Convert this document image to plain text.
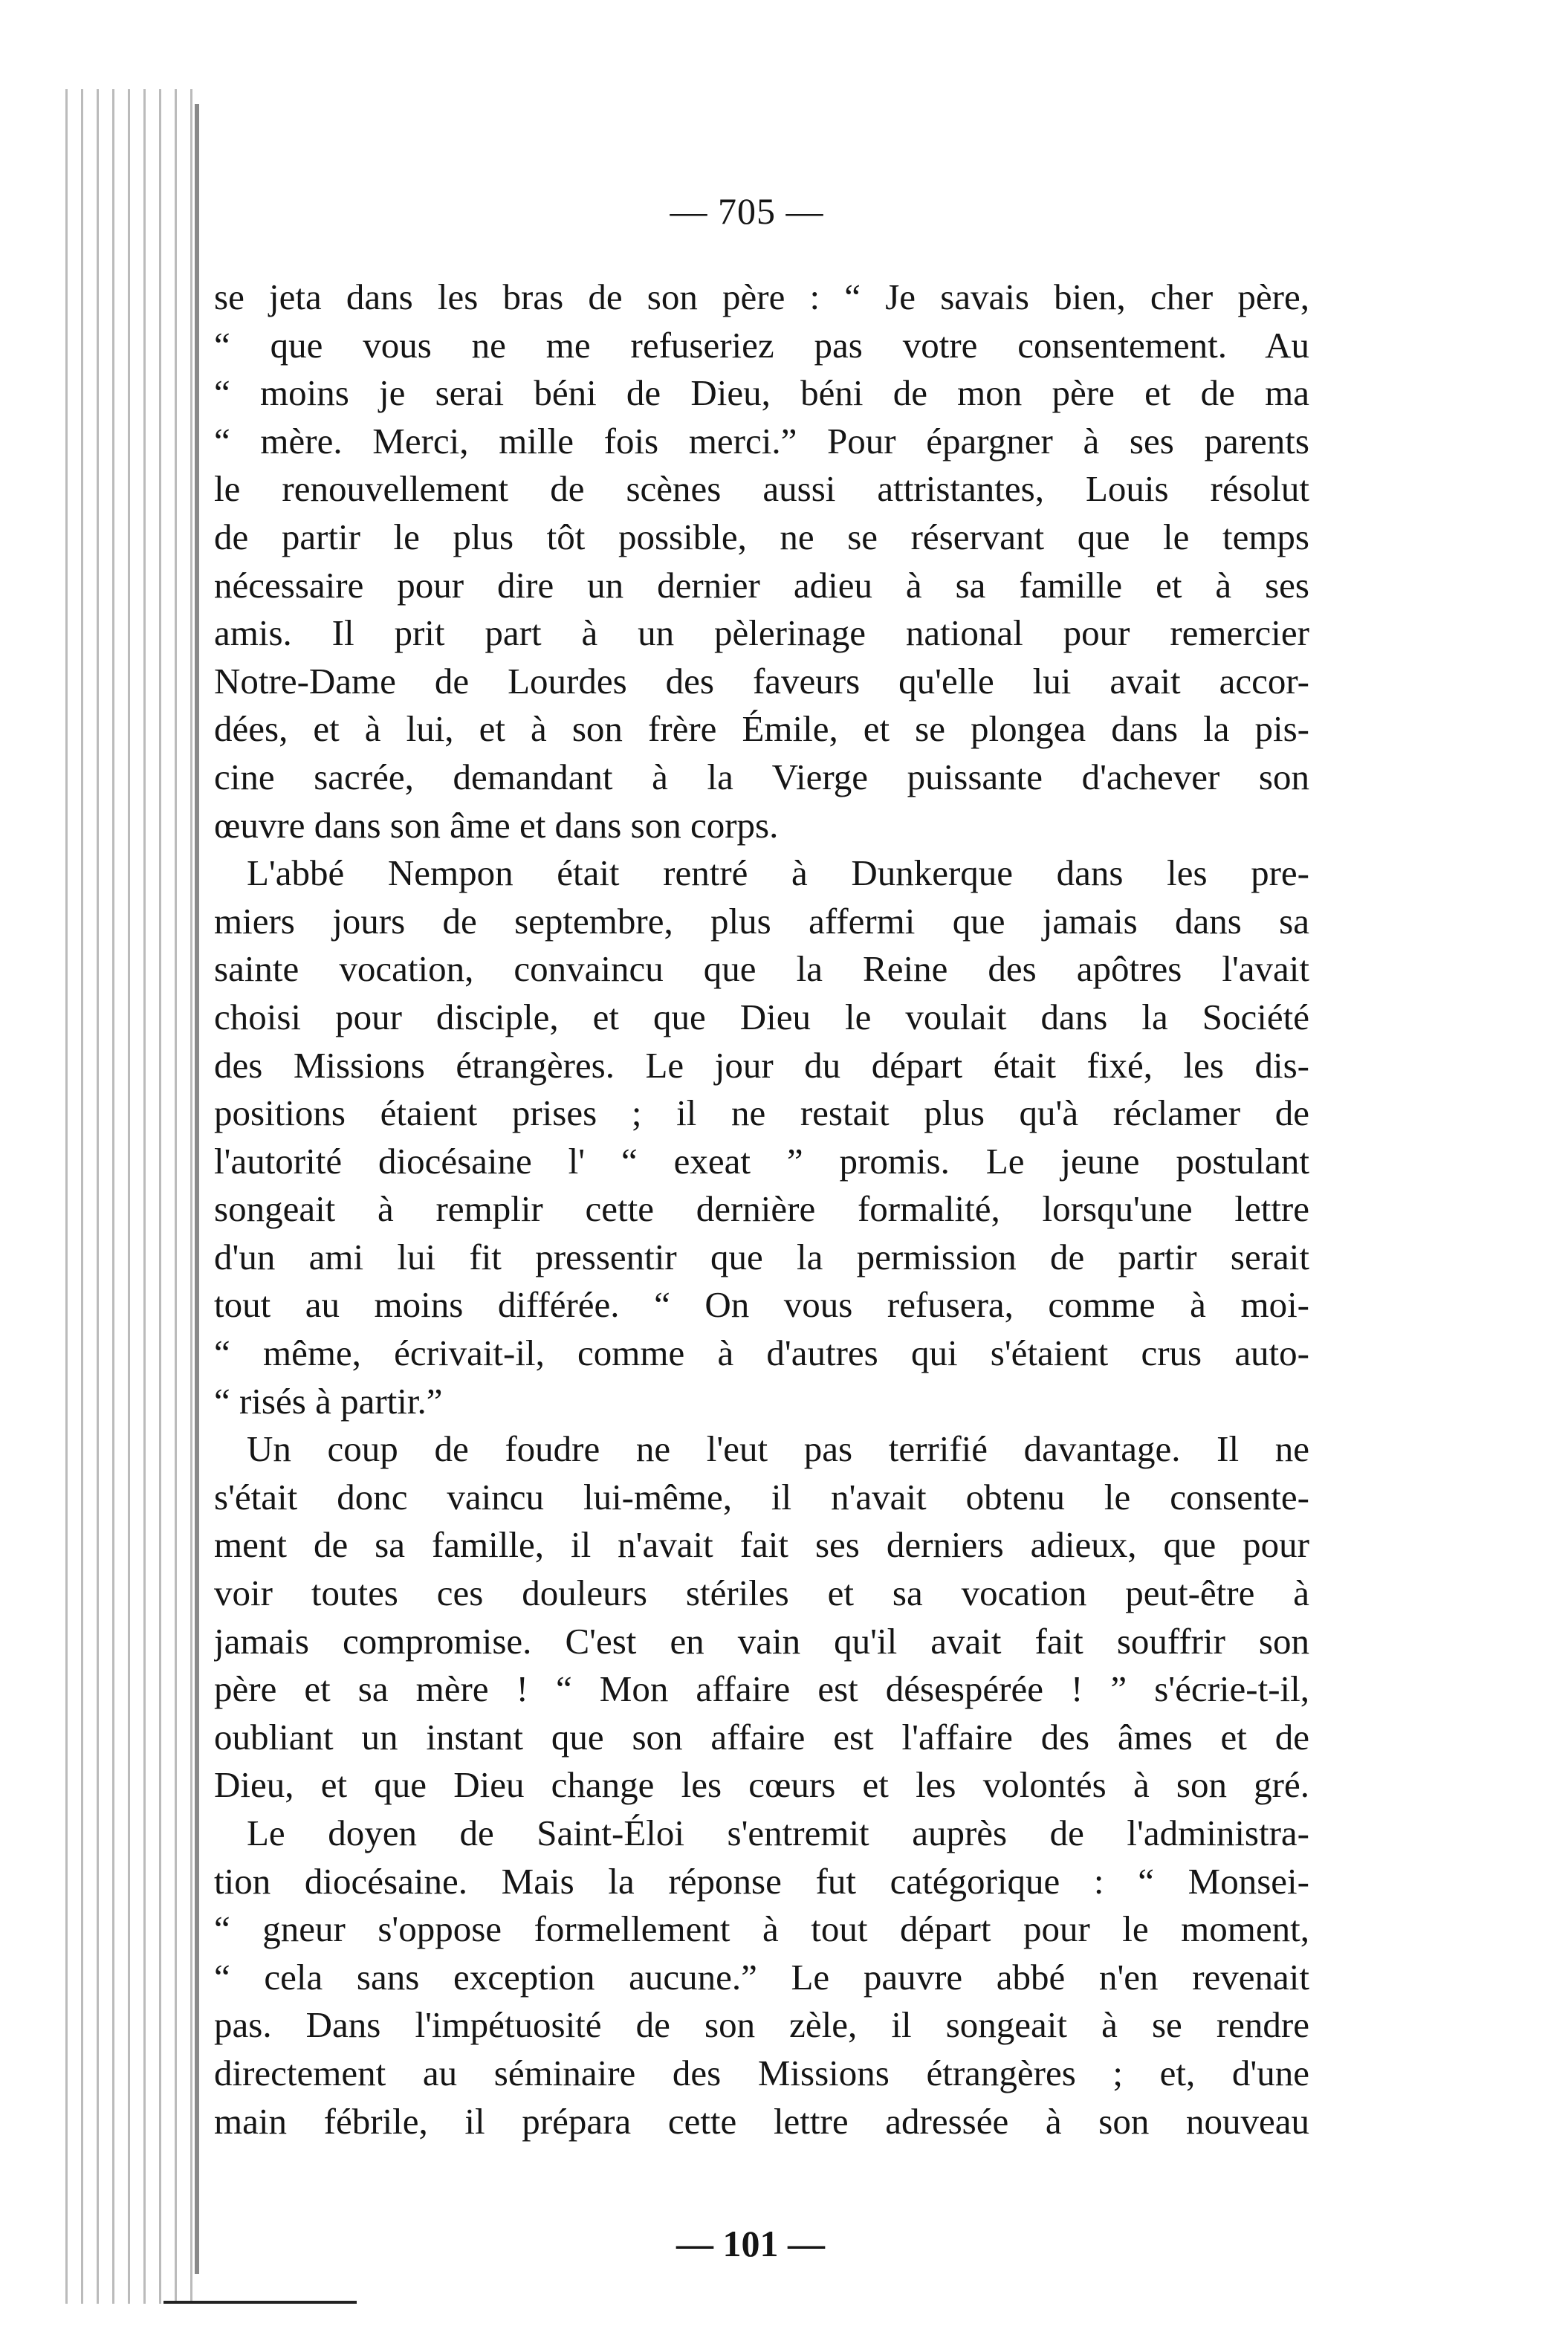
— 705 —
se jeta dans les bras de son père : “ Je savais bien, cher père,
“ que vous ne me refuseriez pas votre consentement. Au
“ moins je serai béni de Dieu, béni de mon père et de ma
“ mère. Merci, mille fois merci.” Pour épargner à ses parents
le renouvellement de scènes aussi attristantes, Louis résolut
de partir le plus tôt possible, ne se réservant que le temps
nécessaire pour dire un dernier adieu à sa famille et à ses
amis. Il prit part à un pèlerinage national pour remercier
Notre-Dame de Lourdes des faveurs qu'elle lui avait accor-
dées, et à lui, et à son frère Émile, et se plongea dans la pis-
cine sacrée, demandant à la Vierge puissante d'achever son
œuvre dans son âme et dans son corps.
L'abbé Nempon était rentré à Dunkerque dans les pre-
miers jours de septembre, plus affermi que jamais dans sa
sainte vocation, convaincu que la Reine des apôtres l'avait
choisi pour disciple, et que Dieu le voulait dans la Société
des Missions étrangères. Le jour du départ était fixé, les dis-
positions étaient prises ; il ne restait plus qu'à réclamer de
l'autorité diocésaine l' “ exeat ” promis. Le jeune postulant
songeait à remplir cette dernière formalité, lorsqu'une lettre
d'un ami lui fit pressentir que la permission de partir serait
tout au moins différée. “ On vous refusera, comme à moi-
“ même, écrivait-il, comme à d'autres qui s'étaient crus auto-
“ risés à partir.”
Un coup de foudre ne l'eut pas terrifié davantage. Il ne
s'était donc vaincu lui-même, il n'avait obtenu le consente-
ment de sa famille, il n'avait fait ses derniers adieux, que pour
voir toutes ces douleurs stériles et sa vocation peut-être à
jamais compromise. C'est en vain qu'il avait fait souffrir son
père et sa mère ! “ Mon affaire est désespérée ! ” s'écrie-t-il,
oubliant un instant que son affaire est l'affaire des âmes et de
Dieu, et que Dieu change les cœurs et les volontés à son gré.
Le doyen de Saint-Éloi s'entremit auprès de l'administra-
tion diocésaine. Mais la réponse fut catégorique : “ Monsei-
“ gneur s'oppose formellement à tout départ pour le moment,
“ cela sans exception aucune.” Le pauvre abbé n'en revenait
pas. Dans l'impétuosité de son zèle, il songeait à se rendre
directement au séminaire des Missions étrangères ; et, d'une
main fébrile, il prépara cette lettre adressée à son nouveau
— 101 —
